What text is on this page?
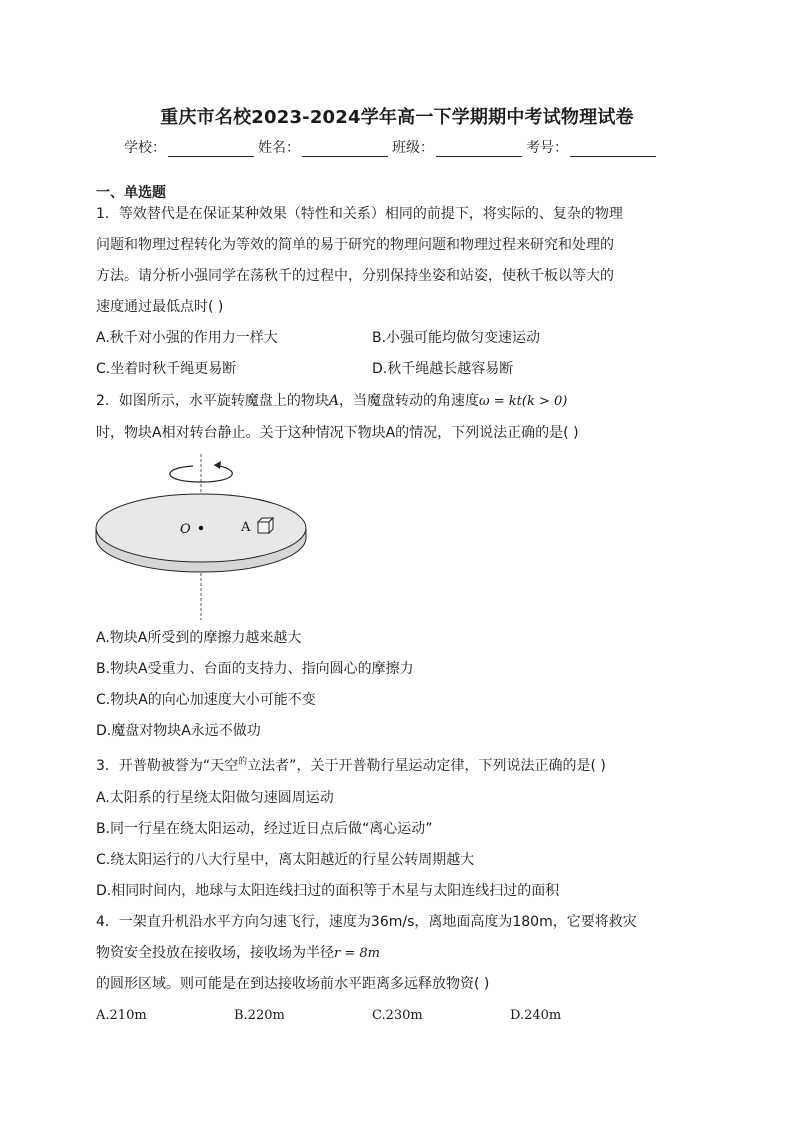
重庆市名校2023-2024学年高一下学期期中考试物理试卷
学校：	姓名：	班级：	考号：
一、单选题
1．等效替代是在保证某种效果（特性和关系）相同的前提下，将实际的、复杂的物理
问题和物理过程转化为等效的简单的易于研究的物理问题和物理过程来研究和处理的
方法。请分析小强同学在荡秋千的过程中，分别保持坐姿和站姿，使秋千板以等大的
速度通过最低点时( )
A.秋千对小强的作用力一样大	B.小强可能均做匀变速运动
C.坐着时秋千绳更易断	D.秋千绳越长越容易断
2．如图所示，水平旋转魔盘上的物块A，当魔盘转动的角速度ω = kt(k > 0)
时，物块A相对转台静止。关于这种情况下物块A的情况，下列说法正确的是( )
O	A
A.物块A所受到的摩擦力越来越大
B.物块A受重力、台面的支持力、指向圆心的摩擦力
C.物块A的向心加速度大小可能不变
D.魔盘对物块A永远不做功
3．开普勒被誉为“天空$^的$立法者”，关于开普勒行星运动定律，下列说法正确的是( )
A.太阳系的行星绕太阳做匀速圆周运动
B.同一行星在绕太阳运动，经过近日点后做“离心运动”
C.绕太阳运行的八大行星中，离太阳越近的行星公转周期越大
D.相同时间内，地球与太阳连线扫过的面积等于木星与太阳连线扫过的面积
4．一架直升机沿水平方向匀速飞行，速度为36m/s，离地面高度为180m，它要将救灾
物资安全投放在接收场，接收场为半径r = 8m
的圆形区域。则可能是在到达接收场前水平距离多远释放物资( )
A.210m	B.220m	C.230m	D.240m
